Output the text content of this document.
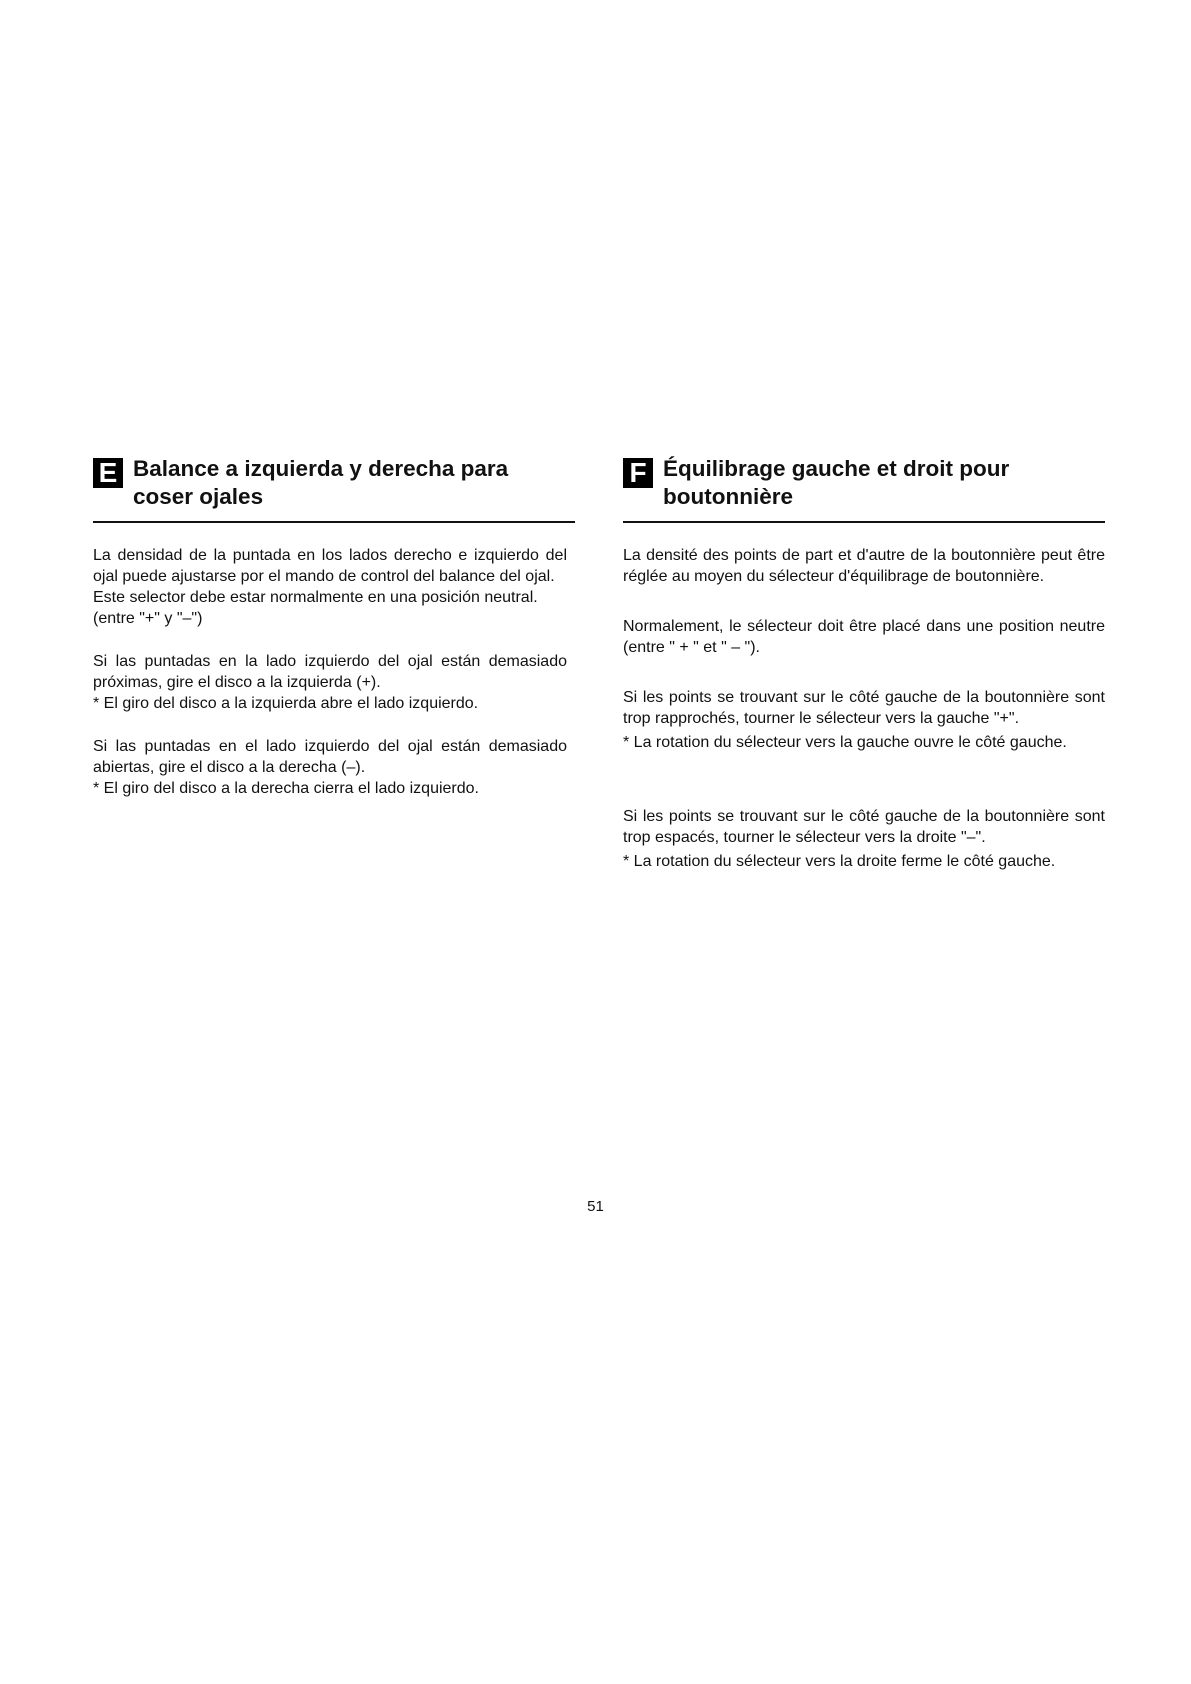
E Balance a izquierda y derecha para
coser ojales

La densidad de la puntada en los lados derecho e izquierdo del ojal puede ajustarse por el mando de control del balance del ojal.

Este selector debe estar normalmente en una posición neutral.

(entre "+" y "–")

Si las puntadas en la lado izquierdo del ojal están demasiado próximas, gire el disco a la izquierda (+).

* El giro del disco a la izquierda abre el lado izquierdo.

Si las puntadas en el lado izquierdo del ojal están demasiado abiertas, gire el disco a la derecha (–).

* El giro del disco a la derecha cierra el lado izquierdo.

F Équilibrage gauche et droit pour
boutonnière

La densité des points de part et d'autre de la boutonnière peut être réglée au moyen du sélecteur d'équilibrage de boutonnière.

Normalement, le sélecteur doit être placé dans une position neutre (entre " + " et " – ").

Si les points se trouvant sur le côté gauche de la boutonnière sont trop rapprochés, tourner le sélecteur vers la gauche "+".

* La rotation du sélecteur vers la gauche ouvre le côté gauche.

Si les points se trouvant sur le côté gauche de la boutonnière sont trop espacés, tourner le sélecteur vers la droite "–".

* La rotation du sélecteur vers la droite ferme le côté gauche.

51
